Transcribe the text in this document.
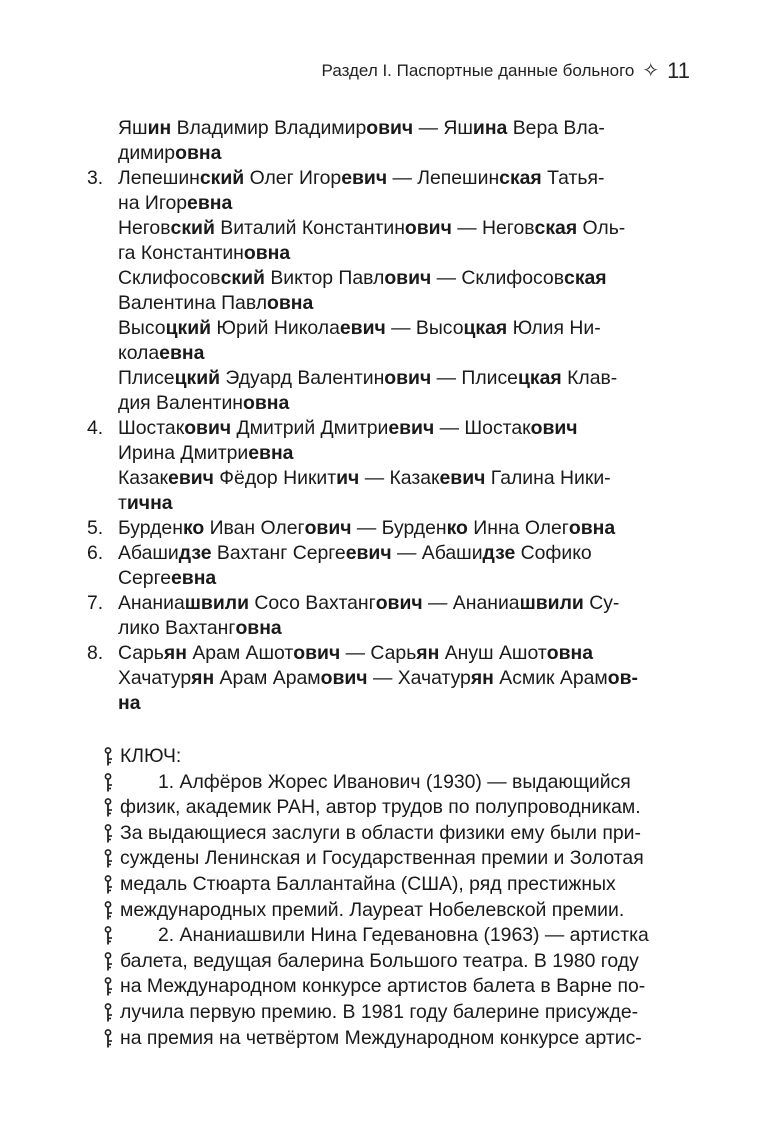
Раздел I. Паспортные данные больного ✧ 11
Яшин Владимир Владимирович — Яшина Вера Вла-
димировна
3. Лепешинский Олег Игоревич — Лепешинская Татья-
на Игоревна
Неговский Виталий Константинович — Неговская Оль-
га Константиновна
Склифосовский Виктор Павлович — Склифосовская
Валентина Павловна
Высоцкий Юрий Николаевич — Высоцкая Юлия Ни-
колаевна
Плисецкий Эдуард Валентинович — Плисецкая Клав-
дия Валентиновна
4. Шостакович Дмитрий Дмитриевич — Шостакович
Ирина Дмитриевна
Казакевич Фёдор Никитич — Казакевич Галина Ники-
тична
5. Бурденко Иван Олегович — Бурденко Инна Олеговна
6. Абашидзе Вахтанг Сергеевич — Абашидзе Софико
Сергеевна
7. Ананиашвили Сосо Вахтангович — Ананиашвили Су-
лико Вахтанговна
8. Сарьян Арам Ашотович — Сарьян Ануш Ашотовна
Хачатурян Арам Арамович — Хачатурян Асмик Арамов-
на
КЛЮЧ:
1. Алфёров Жорес Иванович (1930) — выдающийся
физик, академик РАН, автор трудов по полупроводникам.
За выдающиеся заслуги в области физики ему были при-
суждены Ленинская и Государственная премии и Золотая
медаль Стюарта Баллантайна (США), ряд престижных
международных премий. Лауреат Нобелевской премии.
2. Ананиашвили Нина Гедевановна (1963) — артистка
балета, ведущая балерина Большого театра. В 1980 году
на Международном конкурсе артистов балета в Варне по-
лучила первую премию. В 1981 году балерине присужде-
на премия на четвёртом Международном конкурсе артис-
